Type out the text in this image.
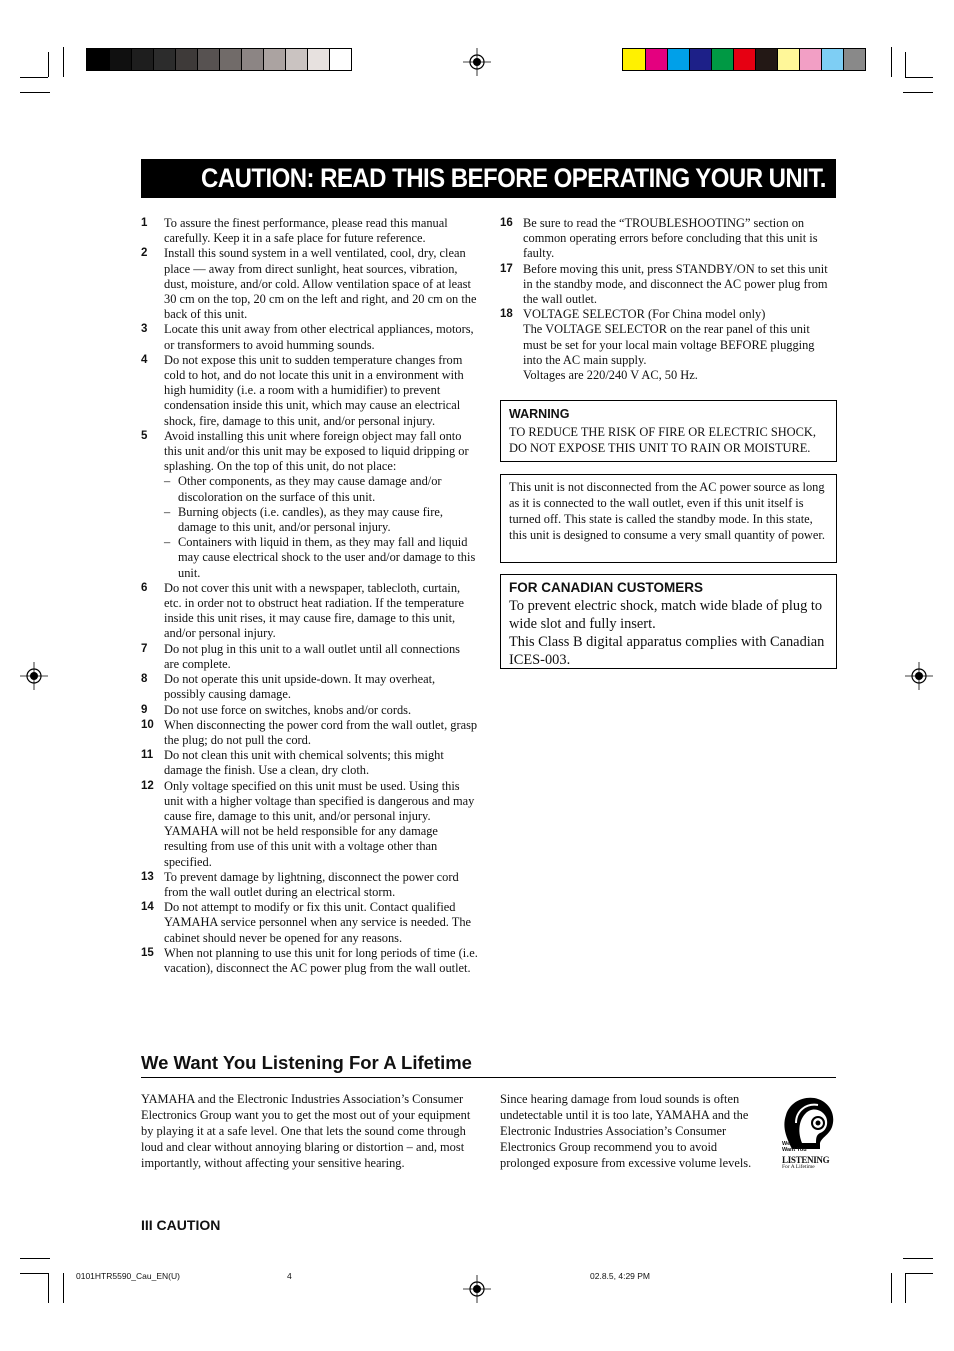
CAUTION: READ THIS BEFORE OPERATING YOUR UNIT.
1 To assure the finest performance, please read this manual carefully. Keep it in a safe place for future reference.
2 Install this sound system in a well ventilated, cool, dry, clean place — away from direct sunlight, heat sources, vibration, dust, moisture, and/or cold. Allow ventilation space of at least 30 cm on the top, 20 cm on the left and right, and 20 cm on the back of this unit.
3 Locate this unit away from other electrical appliances, motors, or transformers to avoid humming sounds.
4 Do not expose this unit to sudden temperature changes from cold to hot, and do not locate this unit in a environment with high humidity (i.e. a room with a humidifier) to prevent condensation inside this unit, which may cause an electrical shock, fire, damage to this unit, and/or personal injury.
5 Avoid installing this unit where foreign object may fall onto this unit and/or this unit may be exposed to liquid dripping or splashing. On the top of this unit, do not place:
– Other components, as they may cause damage and/or discoloration on the surface of this unit.
– Burning objects (i.e. candles), as they may cause fire, damage to this unit, and/or personal injury.
– Containers with liquid in them, as they may fall and liquid may cause electrical shock to the user and/or damage to this unit.
6 Do not cover this unit with a newspaper, tablecloth, curtain, etc. in order not to obstruct heat radiation. If the temperature inside this unit rises, it may cause fire, damage to this unit, and/or personal injury.
7 Do not plug in this unit to a wall outlet until all connections are complete.
8 Do not operate this unit upside-down. It may overheat, possibly causing damage.
9 Do not use force on switches, knobs and/or cords.
10 When disconnecting the power cord from the wall outlet, grasp the plug; do not pull the cord.
11 Do not clean this unit with chemical solvents; this might damage the finish. Use a clean, dry cloth.
12 Only voltage specified on this unit must be used. Using this unit with a higher voltage than specified is dangerous and may cause fire, damage to this unit, and/or personal injury. YAMAHA will not be held responsible for any damage resulting from use of this unit with a voltage other than specified.
13 To prevent damage by lightning, disconnect the power cord from the wall outlet during an electrical storm.
14 Do not attempt to modify or fix this unit. Contact qualified YAMAHA service personnel when any service is needed. The cabinet should never be opened for any reasons.
15 When not planning to use this unit for long periods of time (i.e. vacation), disconnect the AC power plug from the wall outlet.
16 Be sure to read the “TROUBLESHOOTING” section on common operating errors before concluding that this unit is faulty.
17 Before moving this unit, press STANDBY/ON to set this unit in the standby mode, and disconnect the AC power plug from the wall outlet.
18 VOLTAGE SELECTOR (For China model only)
The VOLTAGE SELECTOR on the rear panel of this unit must be set for your local main voltage BEFORE plugging into the AC main supply.
Voltages are 220/240 V AC, 50 Hz.
WARNING
TO REDUCE THE RISK OF FIRE OR ELECTRIC SHOCK, DO NOT EXPOSE THIS UNIT TO RAIN OR MOISTURE.
This unit is not disconnected from the AC power source as long as it is connected to the wall outlet, even if this unit itself is turned off. This state is called the standby mode. In this state, this unit is designed to consume a very small quantity of power.
FOR CANADIAN CUSTOMERS
To prevent electric shock, match wide blade of plug to wide slot and fully insert.
This Class B digital apparatus complies with Canadian ICES-003.
We Want You Listening For A Lifetime
YAMAHA and the Electronic Industries Association’s Consumer Electronics Group want you to get the most out of your equipment by playing it at a safe level. One that lets the sound come through loud and clear without annoying blaring or distortion – and, most importantly, without affecting your sensitive hearing.
Since hearing damage from loud sounds is often undetectable until it is too late, YAMAHA and the Electronic Industries Association’s Consumer Electronics Group recommend you to avoid prolonged exposure from excessive volume levels.
We
Want You
LISTENING
For A Lifetime
III CAUTION
0101HTR5590_Cau_EN(U)	4	02.8.5, 4:29 PM
